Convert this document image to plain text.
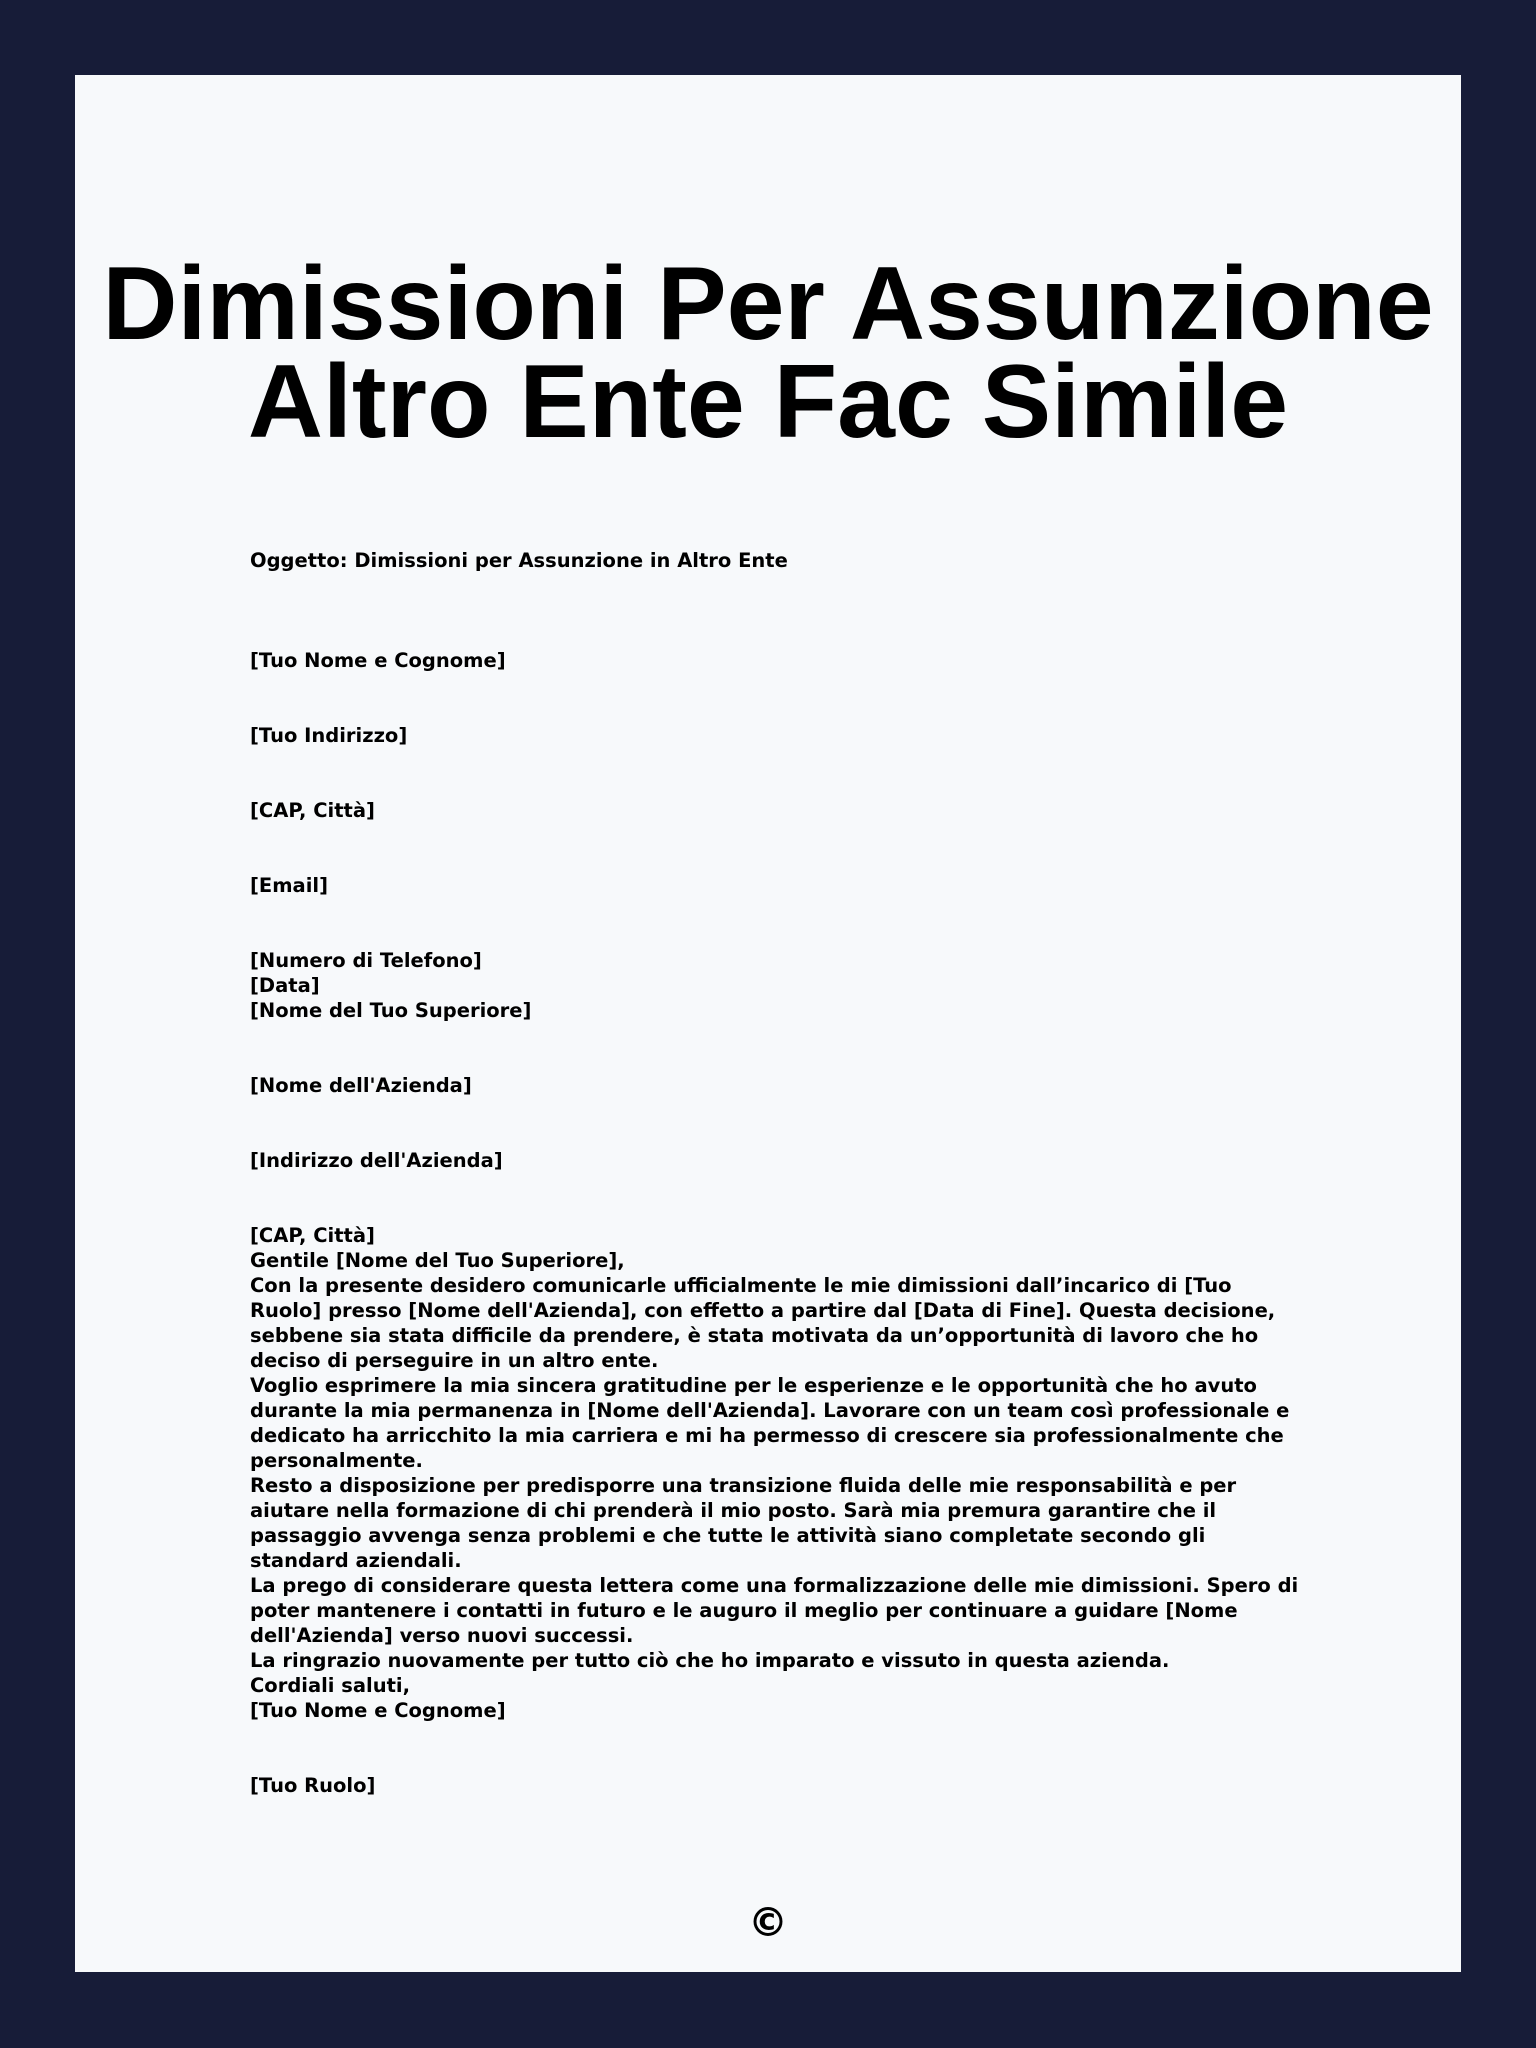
Dimissioni Per Assunzione
Altro Ente Fac Simile
Oggetto: Dimissioni per Assunzione in Altro Ente
[Tuo Nome e Cognome]
[Tuo Indirizzo]
[CAP, Città]
[Email]
[Numero di Telefono]
[Data]
[Nome del Tuo Superiore]
[Nome dell'Azienda]
[Indirizzo dell'Azienda]
[CAP, Città]
Gentile [Nome del Tuo Superiore],
Con la presente desidero comunicarle ufficialmente le mie dimissioni dall’incarico di [Tuo Ruolo] presso [Nome dell'Azienda], con effetto a partire dal [Data di Fine]. Questa decisione, sebbene sia stata difficile da prendere, è stata motivata da un’opportunità di lavoro che ho deciso di perseguire in un altro ente.
Voglio esprimere la mia sincera gratitudine per le esperienze e le opportunità che ho avuto durante la mia permanenza in [Nome dell'Azienda]. Lavorare con un team così professionale e dedicato ha arricchito la mia carriera e mi ha permesso di crescere sia professionalmente che personalmente.
Resto a disposizione per predisporre una transizione fluida delle mie responsabilità e per aiutare nella formazione di chi prenderà il mio posto. Sarà mia premura garantire che il passaggio avvenga senza problemi e che tutte le attività siano completate secondo gli standard aziendali.
La prego di considerare questa lettera come una formalizzazione delle mie dimissioni. Spero di poter mantenere i contatti in futuro e le auguro il meglio per continuare a guidare [Nome dell'Azienda] verso nuovi successi.
La ringrazio nuovamente per tutto ciò che ho imparato e vissuto in questa azienda.
Cordiali saluti,
[Tuo Nome e Cognome]
[Tuo Ruolo]
©
